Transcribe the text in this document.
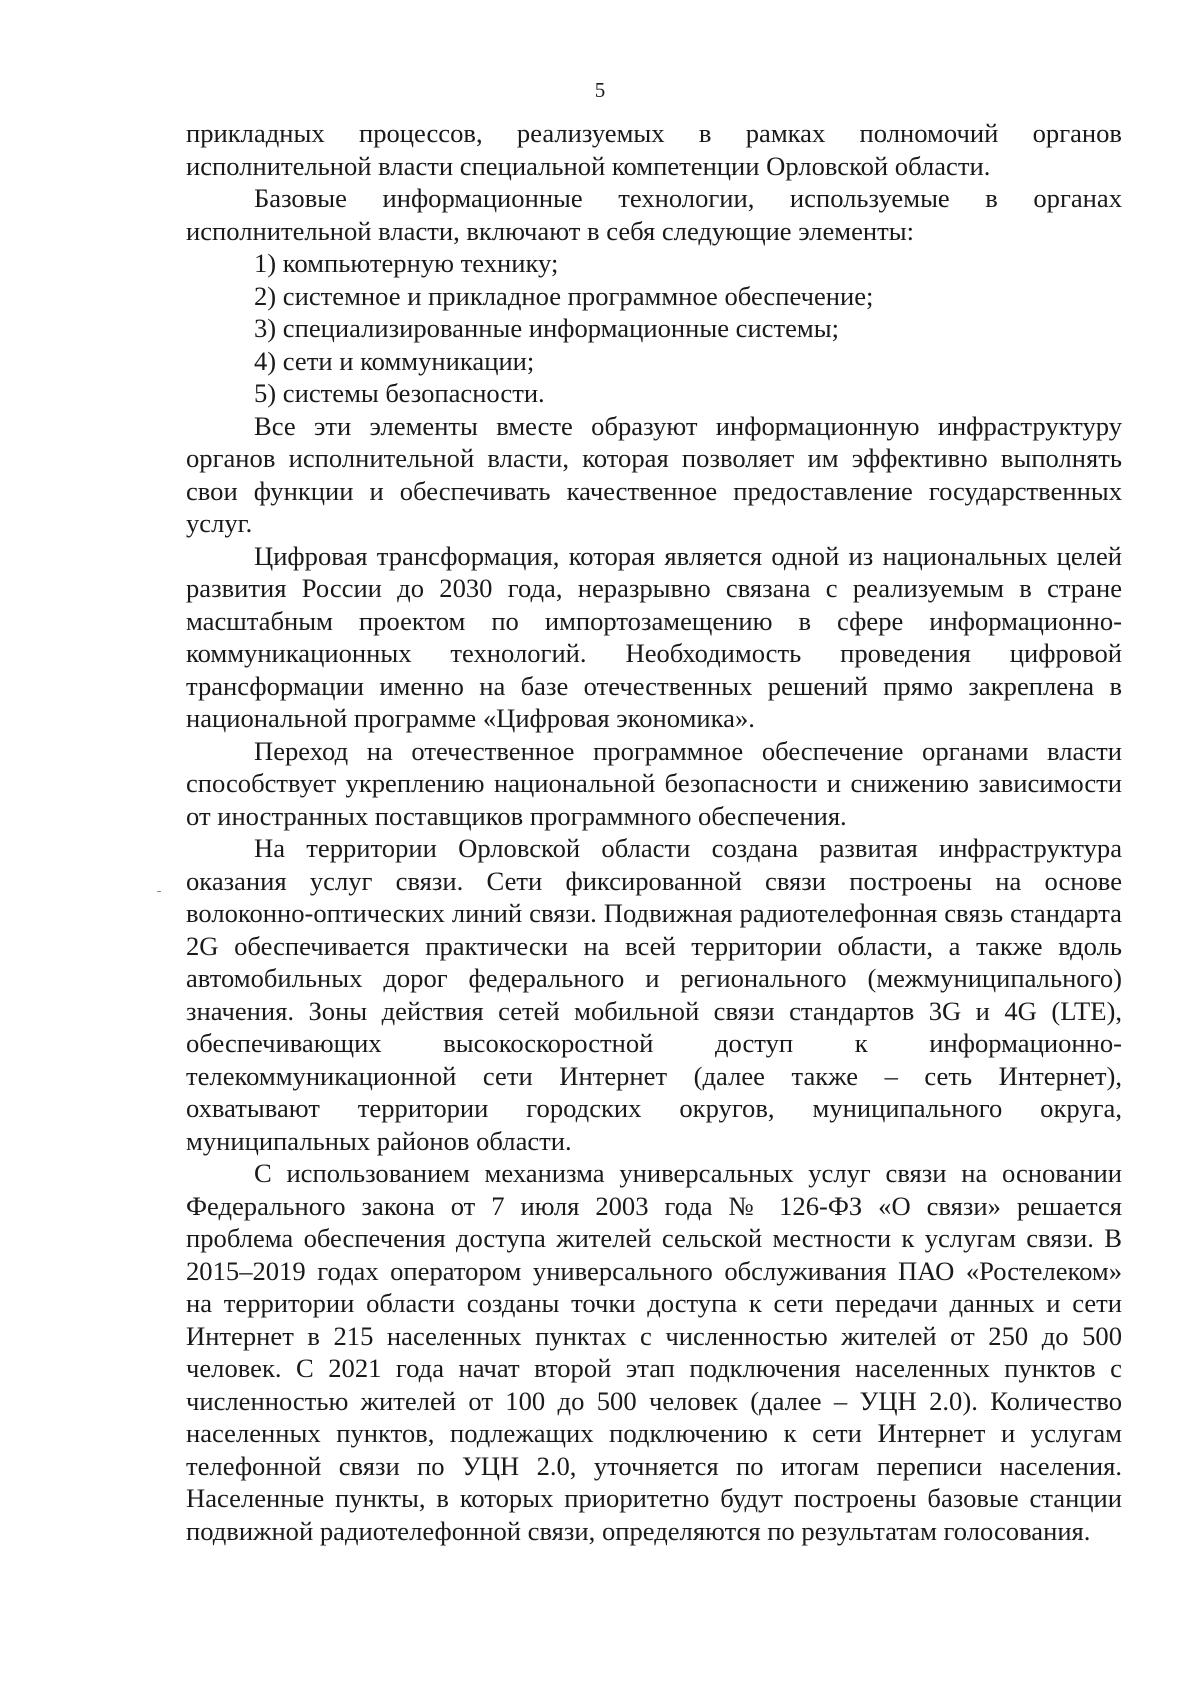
5

прикладных процессов, реализуемых в рамках полномочий органов исполнительной власти специальной компетенции Орловской области.

Базовые информационные технологии, используемые в органах исполнительной власти, включают в себя следующие элементы:

1) компьютерную технику;

2) системное и прикладное программное обеспечение;

3) специализированные информационные системы;

4) сети и коммуникации;

5) системы безопасности.

Все эти элементы вместе образуют информационную инфраструктуру органов исполнительной власти, которая позволяет им эффективно выполнять свои функции и обеспечивать качественное предоставление государственных услуг.

Цифровая трансформация, которая является одной из национальных целей развития России до 2030 года, неразрывно связана с реализуемым в стране масштабным проектом по импортозамещению в сфере информационно-коммуникационных технологий. Необходимость проведения цифровой трансформации именно на базе отечественных решений прямо закреплена в национальной программе «Цифровая экономика».

Переход на отечественное программное обеспечение органами власти способствует укреплению национальной безопасности и снижению зависимости от иностранных поставщиков программного обеспечения.

На территории Орловской области создана развитая инфраструктура оказания услуг связи. Сети фиксированной связи построены на основе волоконно-оптических линий связи. Подвижная радиотелефонная связь стандарта 2G обеспечивается практически на всей территории области, а также вдоль автомобильных дорог федерального и регионального (межмуниципального) значения. Зоны действия сетей мобильной связи стандартов 3G и 4G (LTE), обеспечивающих высокоскоростной доступ к информационно-телекоммуникационной сети Интернет (далее также – сеть Интернет), охватывают территории городских округов, муниципального округа, муниципальных районов области.

С использованием механизма универсальных услуг связи на основании Федерального закона от 7 июля 2003 года № 126-ФЗ «О связи» решается проблема обеспечения доступа жителей сельской местности к услугам связи. В 2015–2019 годах оператором универсального обслуживания ПАО «Ростелеком» на территории области созданы точки доступа к сети передачи данных и сети Интернет в 215 населенных пунктах с численностью жителей от 250 до 500 человек. С 2021 года начат второй этап подключения населенных пунктов с численностью жителей от 100 до 500 человек (далее – УЦН 2.0). Количество населенных пунктов, подлежащих подключению к сети Интернет и услугам телефонной связи по УЦН 2.0, уточняется по итогам переписи населения. Населенные пункты, в которых приоритетно будут построены базовые станции подвижной радиотелефонной связи, определяются по результатам голосования.
